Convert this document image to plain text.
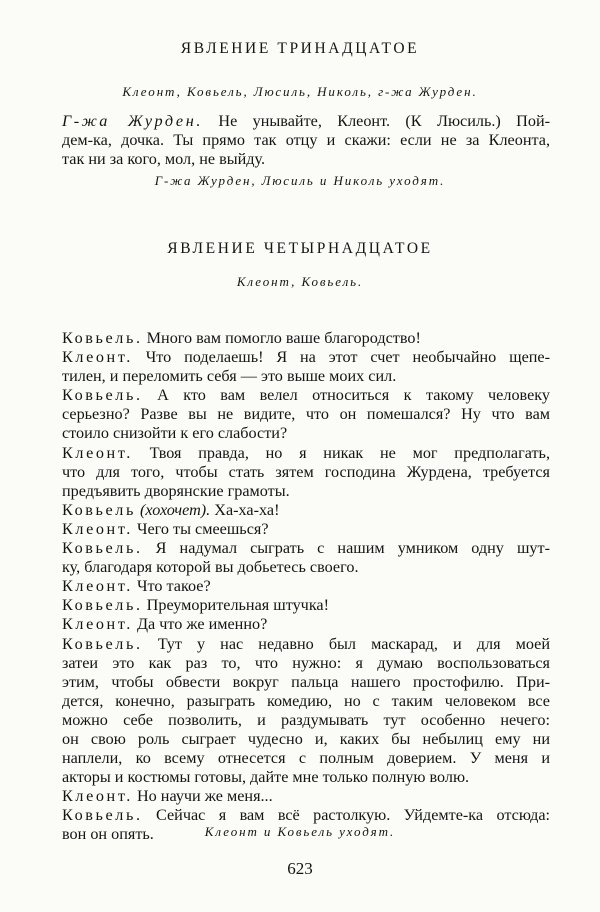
ЯВЛЕНИЕ ТРИНАДЦАТОЕ
Клеонт, Ковьель, Люсиль, Николь, г-жа Журден.
Г-жа Журден. Не унывайте, Клеонт. (К Люсиль.) Пой-
дем-ка, дочка. Ты прямо так отцу и скажи: если не за Клеонта,
так ни за кого, мол, не выйду.
Г-жа Журден, Люсиль и Николь уходят.
ЯВЛЕНИЕ ЧЕТЫРНАДЦАТОЕ
Клеонт, Ковьель.
Ковьель. Много вам помогло ваше благородство!
Клеонт. Что поделаешь! Я на этот счет необычайно щепе-
тилен, и переломить себя — это выше моих сил.
Ковьель. А кто вам велел относиться к такому человеку
серьезно? Разве вы не видите, что он помешался? Ну что вам
стоило снизойти к его слабости?
Клеонт. Твоя правда, но я никак не мог предполагать,
что для того, чтобы стать зятем господина Журдена, требуется
предъявить дворянские грамоты.
Ковьель (хохочет). Ха-ха-ха!
Клеонт. Чего ты смеешься?
Ковьель. Я надумал сыграть с нашим умником одну шут-
ку, благодаря которой вы добьетесь своего.
Клеонт. Что такое?
Ковьель. Преуморительная штучка!
Клеонт. Да что же именно?
Ковьель. Тут у нас недавно был маскарад, и для моей
затеи это как раз то, что нужно: я думаю воспользоваться
этим, чтобы обвести вокруг пальца нашего простофилю. При-
дется, конечно, разыграть комедию, но с таким человеком все
можно себе позволить, и раздумывать тут особенно нечего:
он свою роль сыграет чудесно и, каких бы небылиц ему ни
наплели, ко всему отнесется с полным доверием. У меня и
акторы и костюмы готовы, дайте мне только полную волю.
Клеонт. Но научи же меня...
Ковьель. Сейчас я вам всё растолкую. Уйдемте-ка отсюда:
вон он опять.	Клеонт и Ковьель уходят.
623
